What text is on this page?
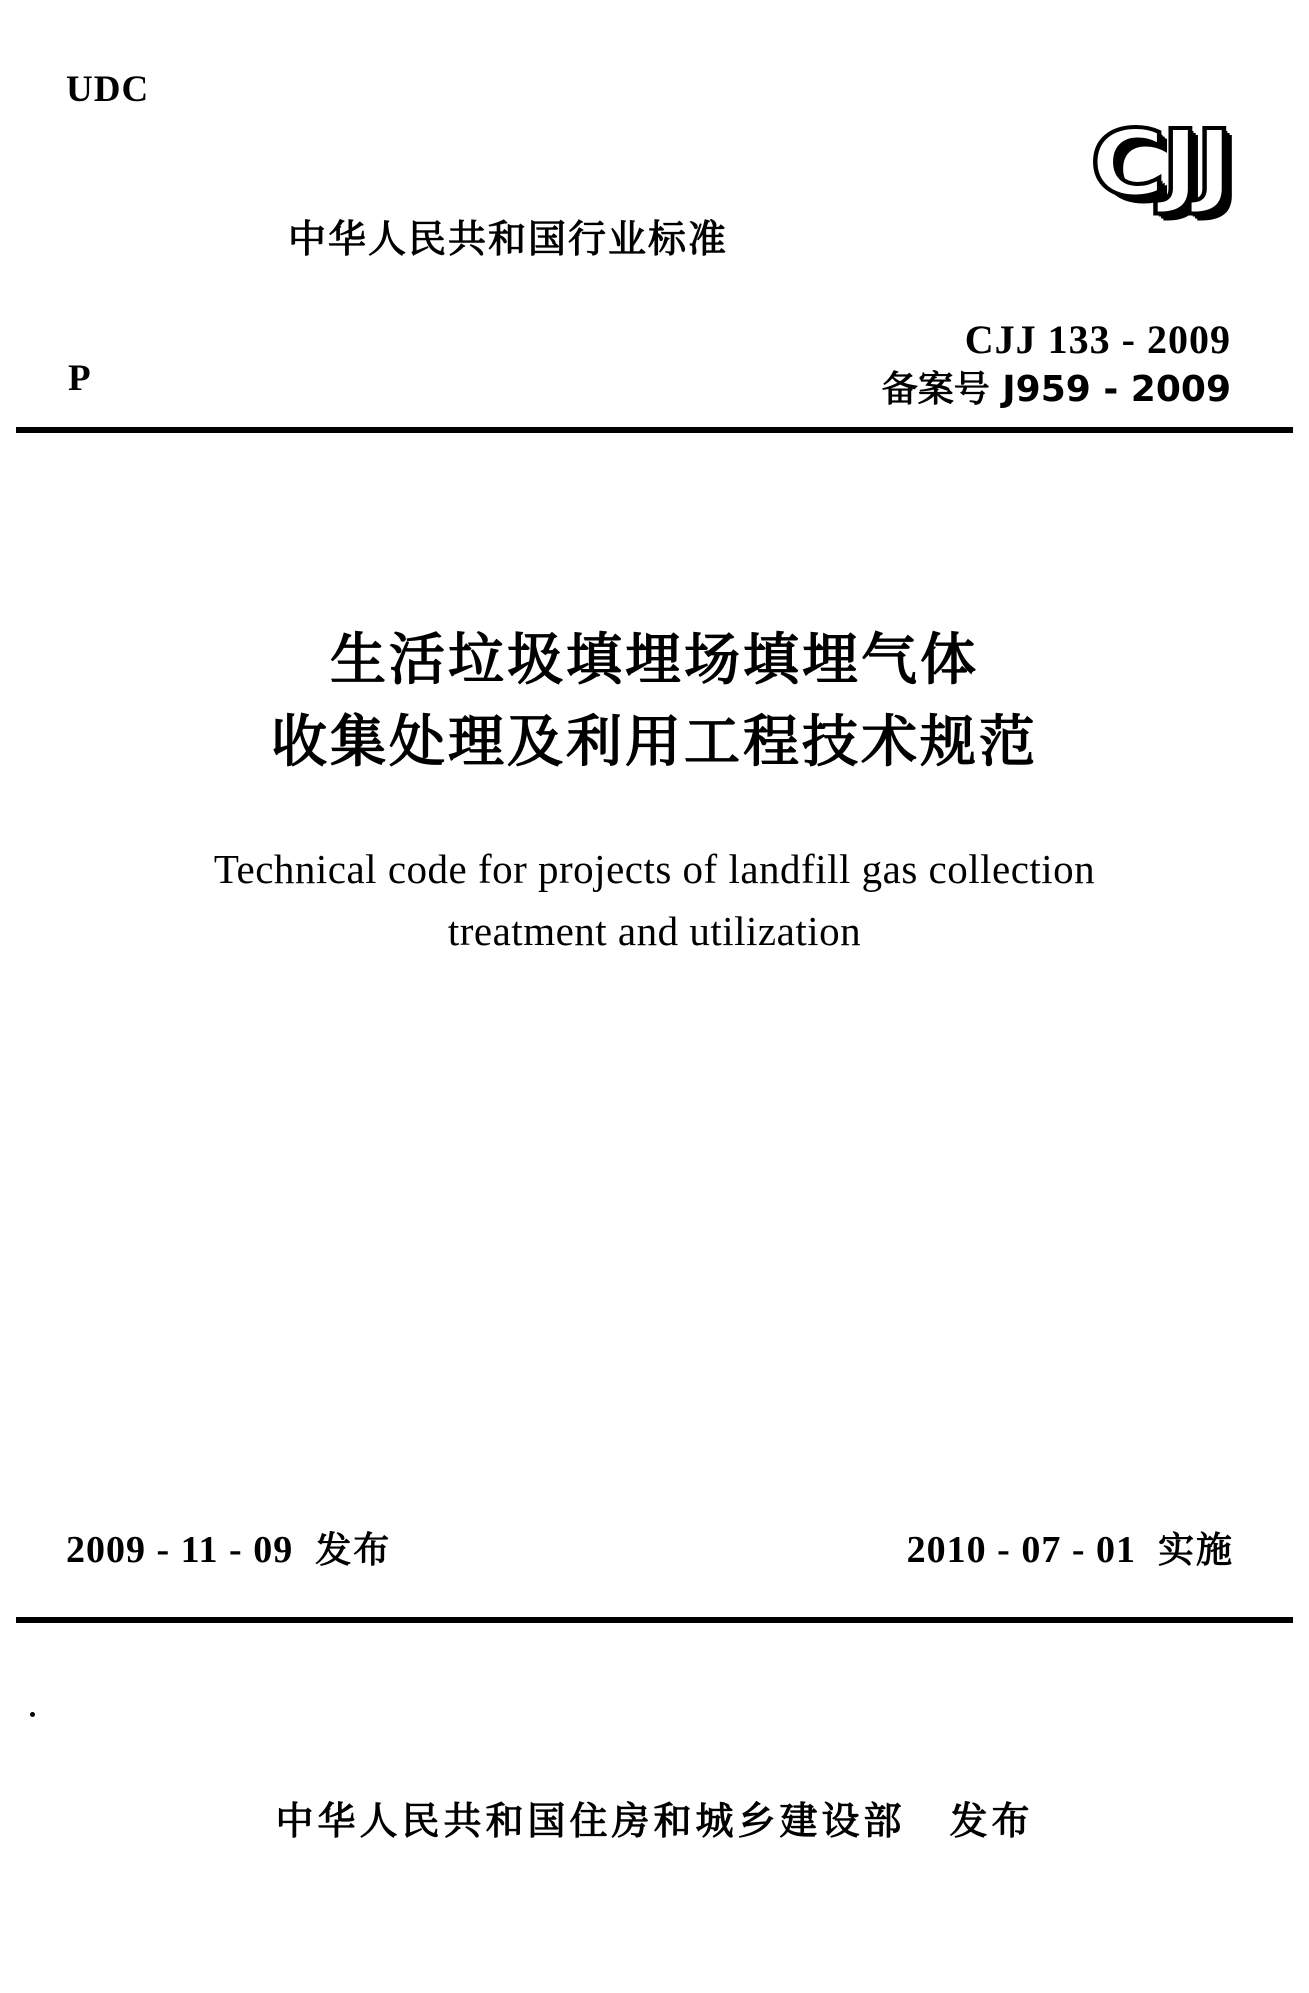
UDC
中华人民共和国行业标准
CJJ
CJJ 133 - 2009
备案号 J959 - 2009
P
生活垃圾填埋场填埋气体
收集处理及利用工程技术规范
Technical code for projects of landfill gas collection
treatment and utilization
2009 - 11 - 09 发布	2010 - 07 - 01 实施
中华人民共和国住房和城乡建设部 发布
